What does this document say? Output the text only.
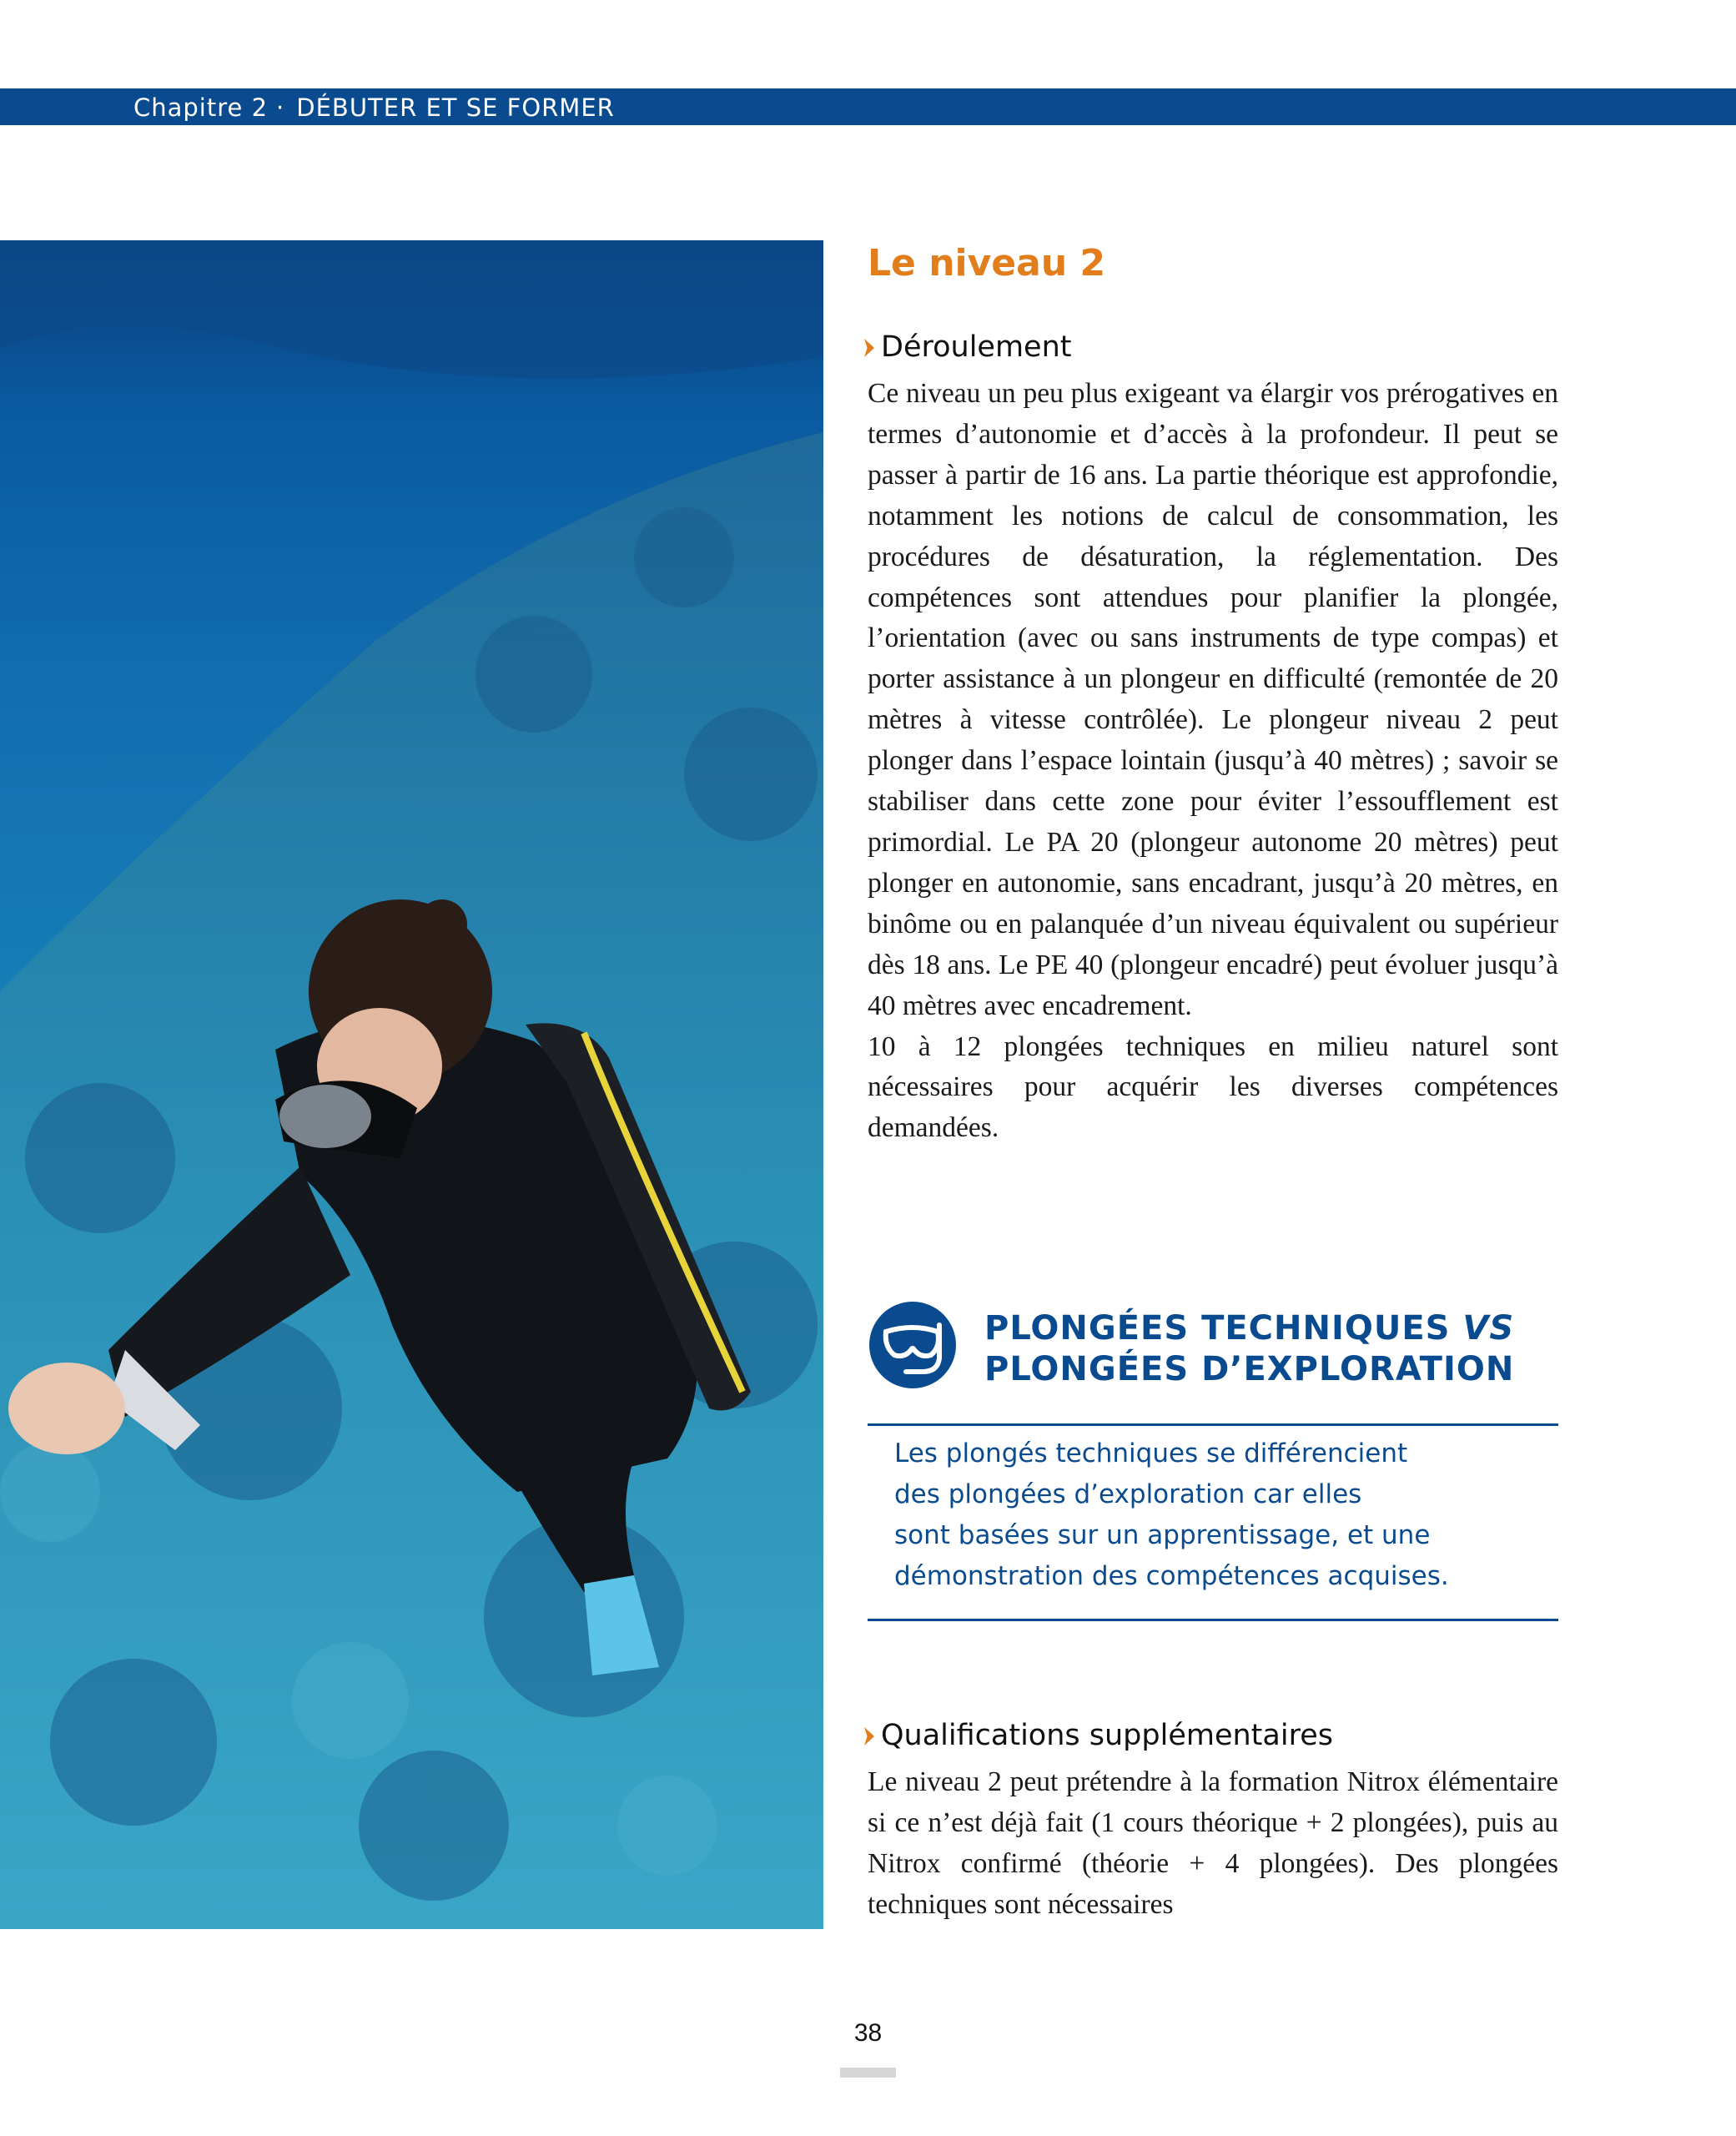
Chapitre 2 · DÉBUTER ET SE FORMER
Le niveau 2
Déroulement

Ce niveau un peu plus exigeant va élargir vos prérogatives en termes d’autonomie et d’accès à la profondeur. Il peut se passer à partir de 16 ans. La partie théorique est approfondie, notamment les notions de calcul de consommation, les procédures de désaturation, la réglementation. Des compétences sont attendues pour planifier la plongée, l’orientation (avec ou sans instruments de type compas) et porter assistance à un plongeur en difficulté (remontée de 20 mètres à vitesse contrôlée). Le plongeur niveau 2 peut plonger dans l’espace lointain (jusqu’à 40 mètres) ; savoir se stabiliser dans cette zone pour éviter l’essoufflement est primordial. Le PA 20 (plongeur autonome 20 mètres) peut plonger en autonomie, sans encadrant, jusqu’à 20 mètres, en binôme ou en palanquée d’un niveau équivalent ou supérieur dès 18 ans. Le PE 40 (plongeur encadré) peut évoluer jusqu’à 40 mètres avec encadrement.

10 à 12 plongées techniques en milieu naturel sont nécessaires pour acquérir les diverses compétences demandées.

PLONGÉES TECHNIQUES VS
PLONGÉES D’EXPLORATION
Les plongés techniques se différencient
des plongées d’exploration car elles
sont basées sur un apprentissage, et une
démonstration des compétences acquises.
Qualifications supplémentaires

Le niveau 2 peut prétendre à la formation Nitrox élémentaire si ce n’est déjà fait (1 cours théorique + 2 plongées), puis au Nitrox confirmé (théorie + 4 plongées). Des plongées techniques sont nécessaires

38
